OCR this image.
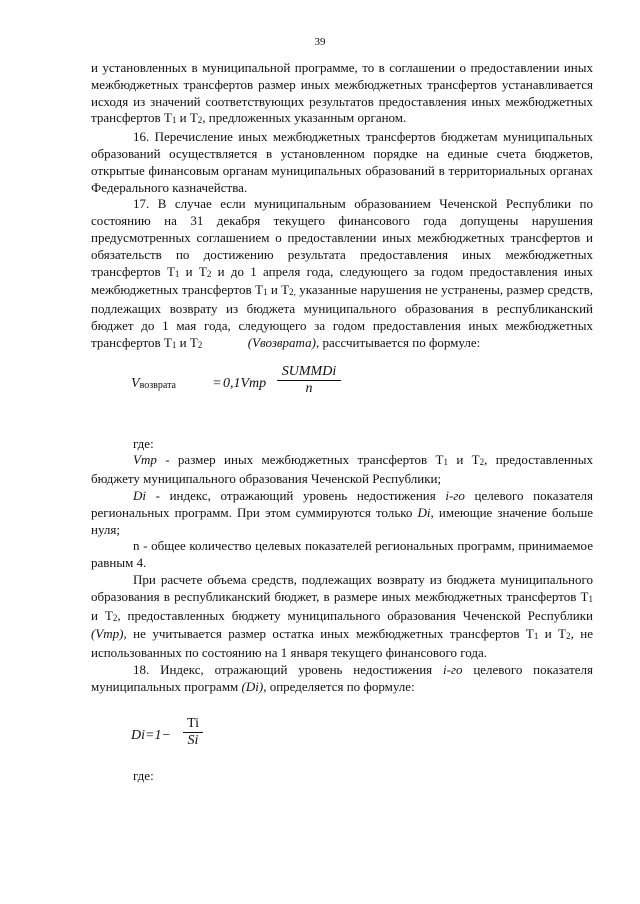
39

и установленных в муниципальной программе, то в соглашении о предоставлении иных межбюджетных трансфертов размер иных межбюджетных трансфертов устанавливается исходя из значений соответствующих результатов предоставления иных межбюджетных трансфертов Т1 и Т2, предложенных указанным органом.

16. Перечисление иных межбюджетных трансфертов бюджетам муниципальных образований осуществляется в установленном порядке на единые счета бюджетов, открытые финансовым органам муниципальных образований в территориальных органах Федерального казначейства.

17. В случае если муниципальным образованием Чеченской Республики по состоянию на 31 декабря текущего финансового года допущены нарушения предусмотренных соглашением о предоставлении иных межбюджетных трансфертов и обязательств по достижению результата предоставления иных межбюджетных трансфертов Т1 и Т2 и до 1 апреля года, следующего за годом предоставления иных межбюджетных трансфертов Т1 и Т2, указанные нарушения не устранены, размер средств, подлежащих возврату из бюджета муниципального образования в республиканский бюджет до 1 мая года, следующего за годом предоставления иных межбюджетных трансфертов Т1 и Т2    	(Vвозврата), рассчитывается по формуле:

Vвозврата	= 0,1Vmp
SUMMDi
n

где:

Vmp - размер иных межбюджетных трансфертов Т1 и Т2, предоставленных бюджету муниципального образования Чеченской Республики;

Di - индекс, отражающий уровень недостижения i-го целевого показателя региональных программ. При этом суммируются только Di, имеющие значение больше нуля;

n - общее количество целевых показателей региональных программ, принимаемое равным 4.

При расчете объема средств, подлежащих возврату из бюджета муниципального образования в республиканский бюджет, в размере иных межбюджетных трансфертов Т1 и Т2, предоставленных бюджету муниципального образования Чеченской Республики (Vmp), не учитывается размер остатка иных межбюджетных трансфертов Т1 и Т2, не использованных по состоянию на 1 января текущего финансового года.

18. Индекс, отражающий уровень недостижения i-го целевого показателя муниципальных программ (Di), определяется по формуле:

$Di=1- \frac{Ti}{Si}$

где:
